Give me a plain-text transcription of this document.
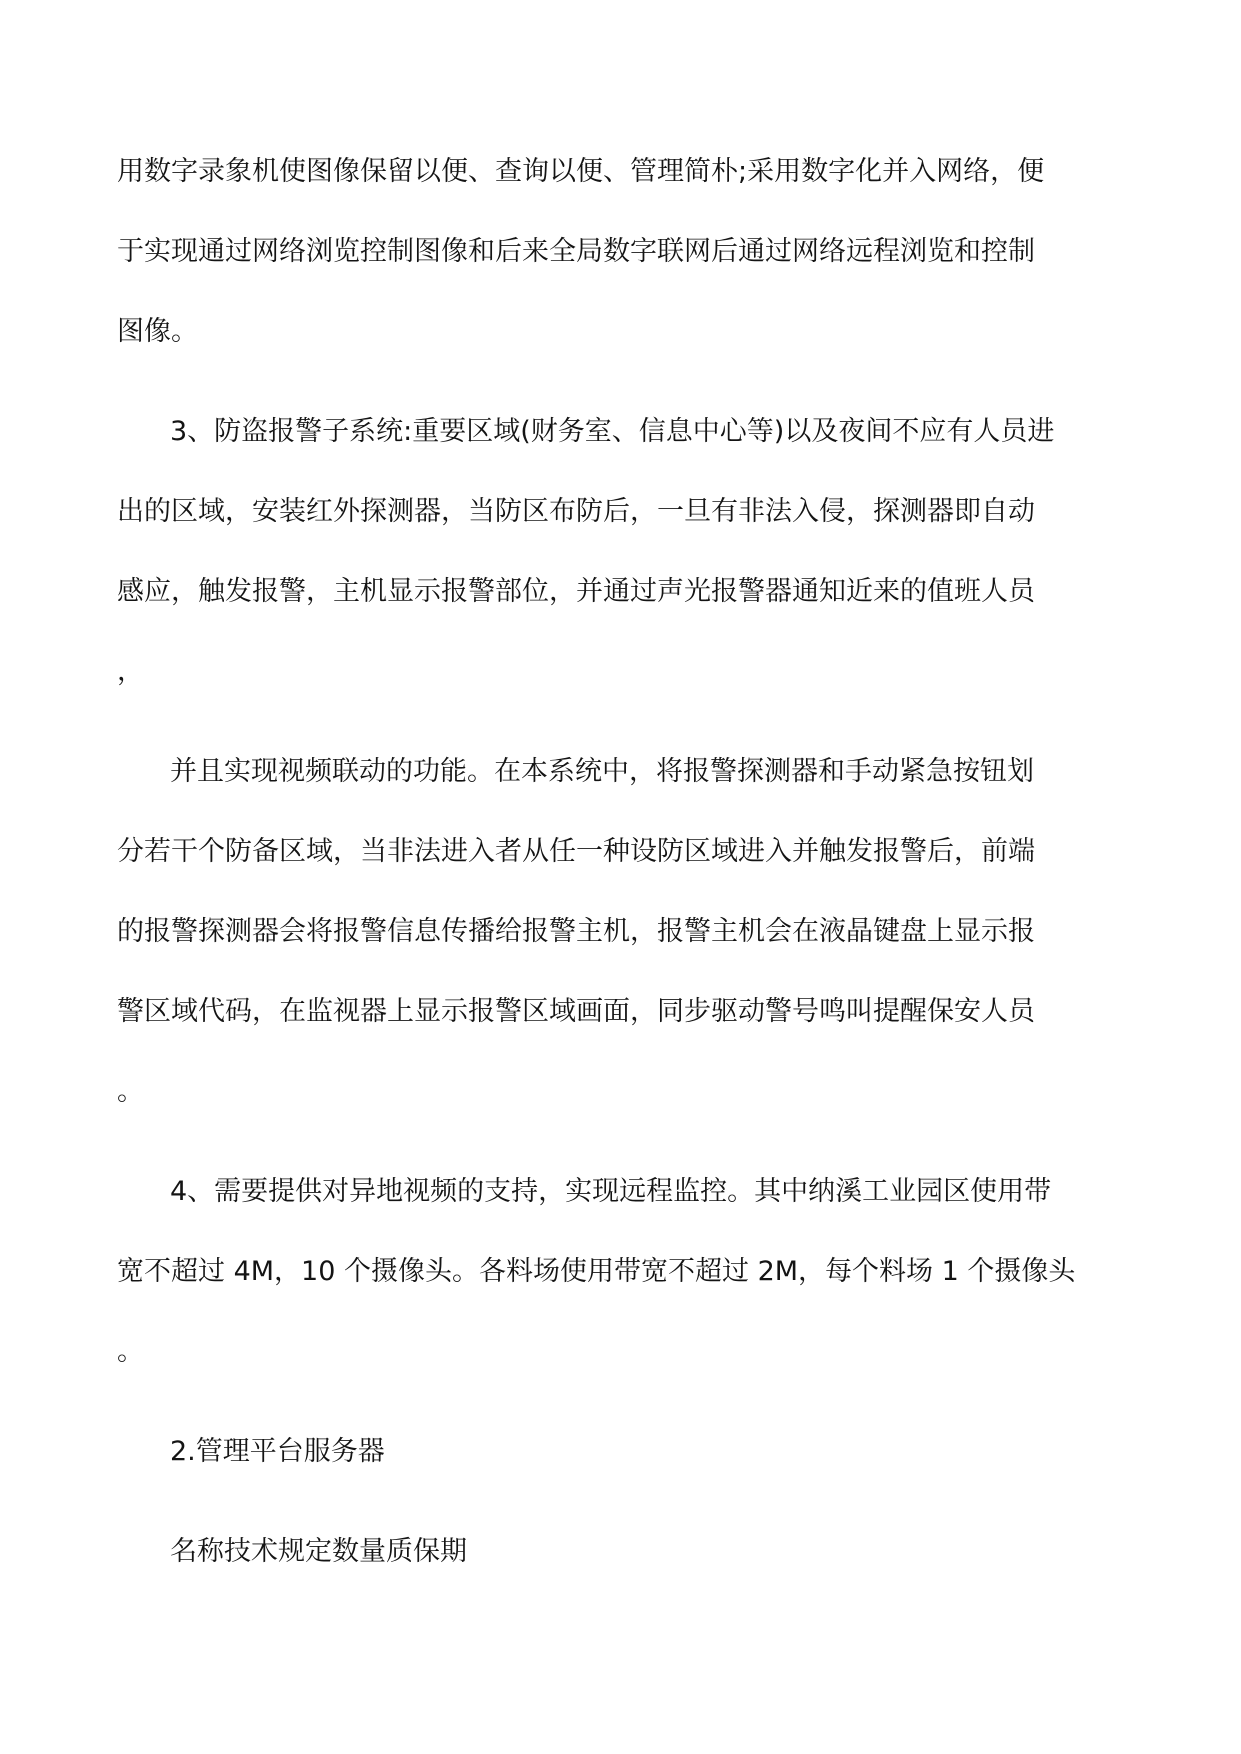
用数字录象机使图像保留以便、查询以便、管理简朴;采用数字化并入网络，便

于实现通过网络浏览控制图像和后来全局数字联网后通过网络远程浏览和控制

图像。

3、防盗报警子系统:重要区域(财务室、信息中心等)以及夜间不应有人员进

出的区域，安装红外探测器，当防区布防后，一旦有非法入侵，探测器即自动

感应，触发报警，主机显示报警部位，并通过声光报警器通知近来的值班人员

，

并且实现视频联动的功能。在本系统中，将报警探测器和手动紧急按钮划

分若干个防备区域，当非法进入者从任一种设防区域进入并触发报警后，前端

的报警探测器会将报警信息传播给报警主机，报警主机会在液晶键盘上显示报

警区域代码，在监视器上显示报警区域画面，同步驱动警号鸣叫提醒保安人员

。

4、需要提供对异地视频的支持，实现远程监控。其中纳溪工业园区使用带

宽不超过 4M，10 个摄像头。各料场使用带宽不超过 2M，每个料场 1 个摄像头

。

2.管理平台服务器

名称技术规定数量质保期
